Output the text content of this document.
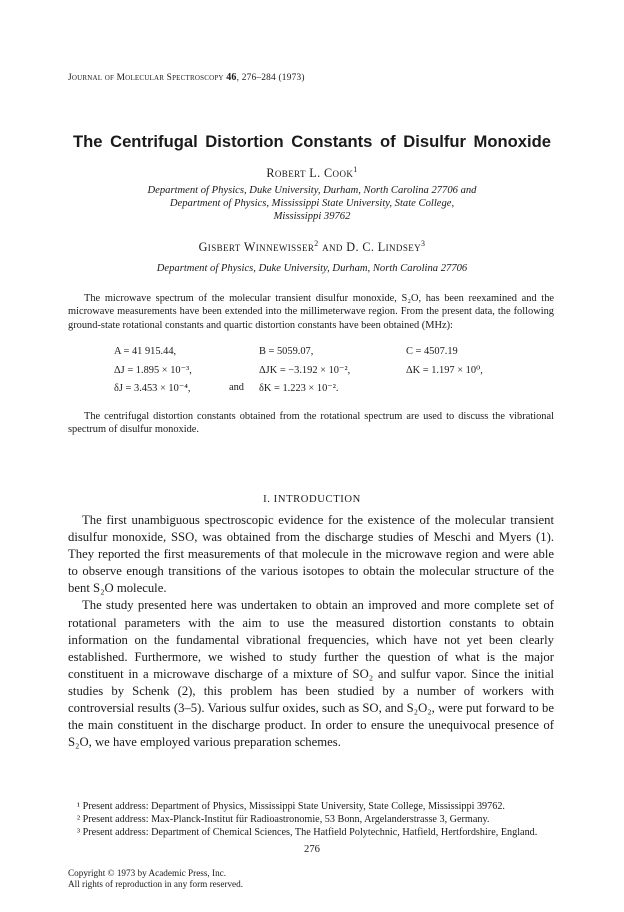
Journal of Molecular Spectroscopy 46, 276–284 (1973)
The Centrifugal Distortion Constants of Disulfur Monoxide
Robert L. Cook$^1$
Department of Physics, Duke University, Durham, North Carolina 27706 and
Department of Physics, Mississippi State University, State College,
Mississippi 39762
Gisbert Winnewisser$^2$ and D. C. Lindsey$^3$
Department of Physics, Duke University, Durham, North Carolina 27706
The microwave spectrum of the molecular transient disulfur monoxide, S₂O, has been reexamined and the microwave measurements have been extended into the millimeterwave region. From the present data, the following ground-state rotational constants and quartic distortion constants have been obtained (MHz):
A = 41 915.44,	B = 5059.07,	C = 4507.19
ΔJ = 1.895 × 10⁻³,	ΔJK = −3.192 × 10⁻²,	ΔK = 1.197 × 10⁰,
δJ = 3.453 × 10⁻⁴,	and δK = 1.223 × 10⁻².
The centrifugal distortion constants obtained from the rotational spectrum are used to discuss the vibrational spectrum of disulfur monoxide.
I. INTRODUCTION

The first unambiguous spectroscopic evidence for the existence of the molecular transient disulfur monoxide, SSO, was obtained from the discharge studies of Meschi and Myers (1). They reported the first measurements of that molecule in the microwave region and were able to observe enough transitions of the various isotopes to obtain the molecular structure of the bent S₂O molecule.

The study presented here was undertaken to obtain an improved and more complete set of rotational parameters with the aim to use the measured distortion constants to obtain information on the fundamental vibrational frequencies, which have not yet been clearly established. Furthermore, we wished to study further the question of what is the major constituent in a microwave discharge of a mixture of SO₂ and sulfur vapor. Since the initial studies by Schenk (2), this problem has been studied by a number of workers with controversial results (3–5). Various sulfur oxides, such as SO, and S₂O₂, were put forward to be the main constituent in the discharge product. In order to ensure the unequivocal presence of S₂O, we have employed various preparation schemes.

¹ Present address: Department of Physics, Mississippi State University, State College, Mississippi 39762.

² Present address: Max-Planck-Institut für Radioastronomie, 53 Bonn, Argelanderstrasse 3, Germany.

³ Present address: Department of Chemical Sciences, The Hatfield Polytechnic, Hatfield, Hertfordshire, England.

276
Copyright © 1973 by Academic Press, Inc.
All rights of reproduction in any form reserved.
